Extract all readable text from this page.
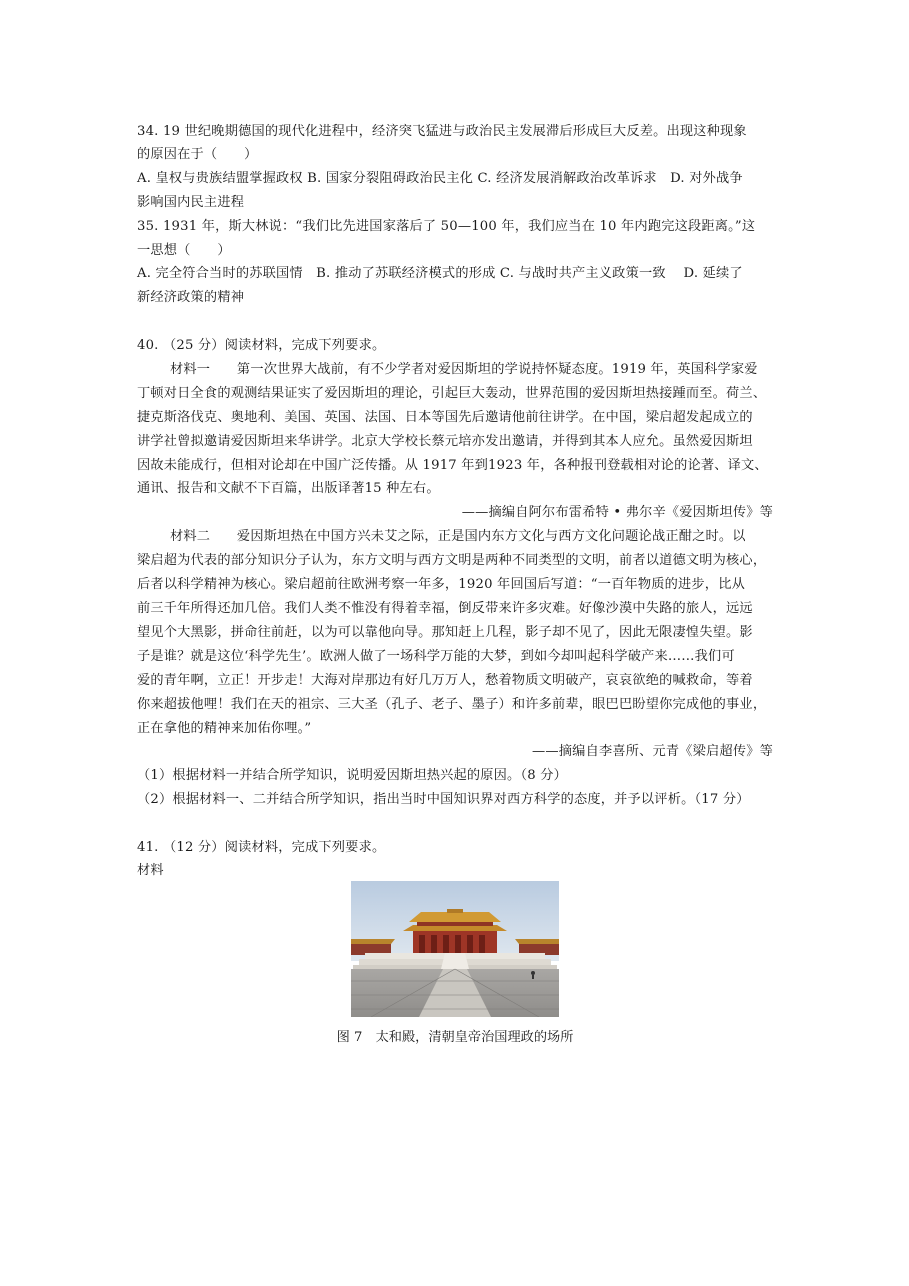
34. 19 世纪晚期德国的现代化进程中，经济突飞猛进与政治民主发展滞后形成巨大反差。出现这种现象
的原因在于（　　）
A. 皇权与贵族结盟掌握政权 B. 国家分裂阻碍政治民主化 C. 经济发展消解政治改革诉求　D. 对外战争
影响国内民主进程
35. 1931 年，斯大林说：“我们比先进国家落后了 50—100 年，我们应当在 10 年内跑完这段距离。”这
一思想（　　）
A. 完全符合当时的苏联国情　B. 推动了苏联经济模式的形成 C. 与战时共产主义政策一致　 D. 延续了
新经济政策的精神
40. （25 分）阅读材料，完成下列要求。
材料一　　第一次世界大战前，有不少学者对爱因斯坦的学说持怀疑态度。1919 年，英国科学家爱
丁顿对日全食的观测结果证实了爱因斯坦的理论，引起巨大轰动，世界范围的爱因斯坦热接踵而至。荷兰、
捷克斯洛伐克、奥地利、美国、英国、法国、日本等国先后邀请他前往讲学。在中国，梁启超发起成立的
讲学社曾拟邀请爱因斯坦来华讲学。北京大学校长蔡元培亦发出邀请，并得到其本人应允。虽然爱因斯坦
因故未能成行，但相对论却在中国广泛传播。从 1917 年到1923 年，各种报刊登载相对论的论著、译文、
通讯、报告和文献不下百篇，出版译著15 种左右。
——摘编自阿尔布雷希特 • 弗尔辛《爱因斯坦传》等
材料二　　爱因斯坦热在中国方兴未艾之际，正是国内东方文化与西方文化问题论战正酣之时。以
梁启超为代表的部分知识分子认为，东方文明与西方文明是两种不同类型的文明，前者以道德文明为核心，
后者以科学精神为核心。梁启超前往欧洲考察一年多，1920 年回国后写道：“一百年物质的进步，比从
前三千年所得还加几倍。我们人类不惟没有得着幸福，倒反带来许多灾难。好像沙漠中失路的旅人，远远
望见个大黑影，拼命往前赶，以为可以靠他向导。那知赶上几程，影子却不见了，因此无限凄惶失望。影
子是谁？就是这位‘科学先生’。欧洲人做了一场科学万能的大梦，到如今却叫起科学破产来……我们可
爱的青年啊，立正！开步走！大海对岸那边有好几万万人，愁着物质文明破产，哀哀欲绝的喊救命，等着
你来超拔他哩！我们在天的祖宗、三大圣（孔子、老子、墨子）和许多前辈，眼巴巴盼望你完成他的事业，
正在拿他的精神来加佑你哩。”
——摘编自李喜所、元青《梁启超传》等
（1）根据材料一并结合所学知识，说明爱因斯坦热兴起的原因。（8 分）
（2）根据材料一、二并结合所学知识，指出当时中国知识界对西方科学的态度，并予以评析。（17 分）
41. （12 分）阅读材料，完成下列要求。
材料
图 7　太和殿，清朝皇帝治国理政的场所
